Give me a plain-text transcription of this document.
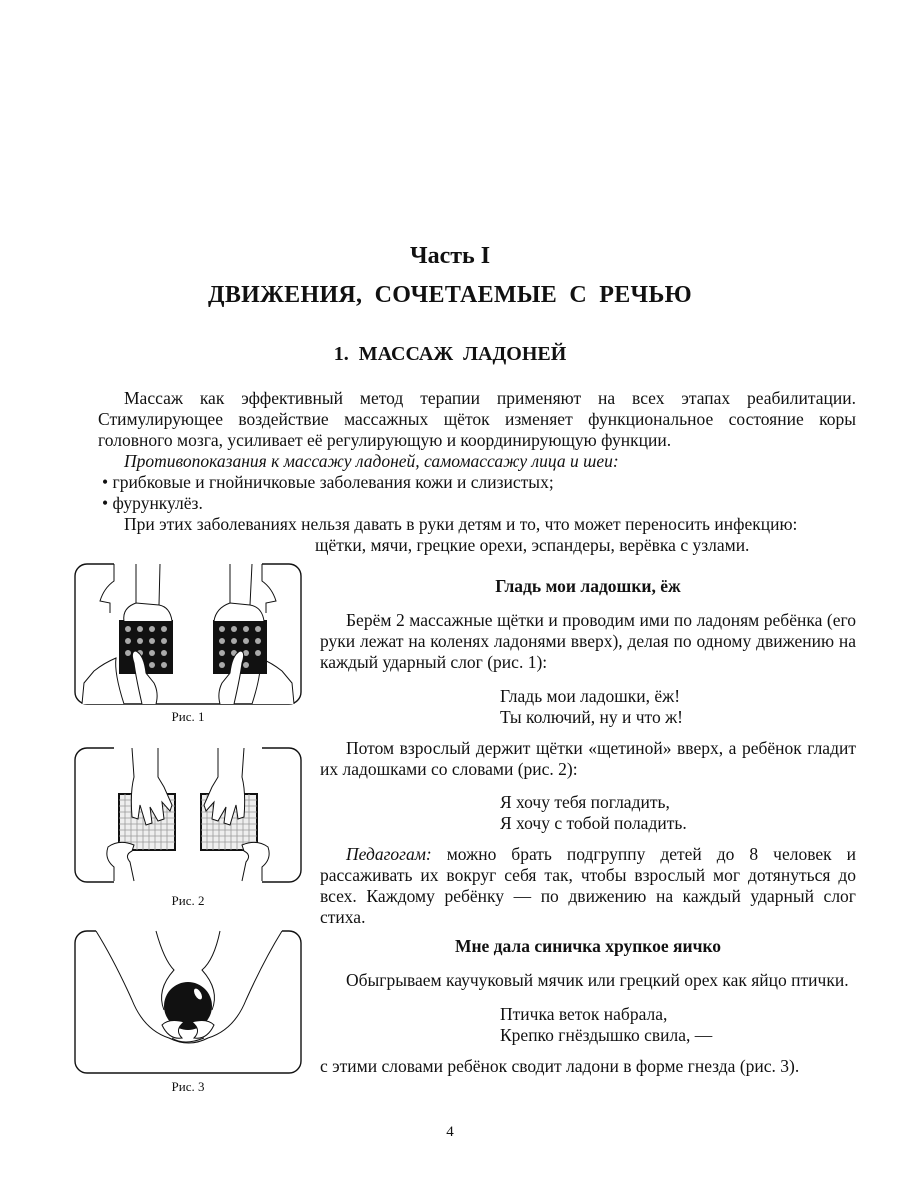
Часть I
ДВИЖЕНИЯ, СОЧЕТАЕМЫЕ С РЕЧЬЮ
1. МАССАЖ ЛАДОНЕЙ

Массаж как эффективный метод терапии применяют на всех этапах реабилитации. Стимулирующее воздействие массажных щёток изменяет функциональное состояние коры головного мозга, усиливает её регулирующую и координирующую функции.

Противопоказания к массажу ладоней, самомассажу лица и шеи:

• грибковые и гнойничковые заболевания кожи и слизистых;

• фурункулёз.

При этих заболеваниях нельзя давать в руки детям и то, что может переносить инфекцию:

щётки, мячи, грецкие орехи, эспандеры, верёвка с узлами.
Рис. 1
Рис. 2
Рис. 3
Гладь мои ладошки, ёж

Берём 2 массажные щётки и проводим ими по ладоням ребёнка (его руки лежат на коленях ладонями вверх), делая по одному движению на каждый ударный слог (рис. 1):

Гладь мои ладошки, ёж!
Ты колючий, ну и что ж!

Потом взрослый держит щётки «щетиной» вверх, а ребёнок гладит их ладошками со словами (рис. 2):

Я хочу тебя погладить,
Я хочу с тобой поладить.

Педагогам: можно брать подгруппу детей до 8 человек и рассаживать их вокруг себя так, чтобы взрослый мог дотянуться до всех. Каждому ребёнку — по движению на каждый ударный слог стиха.

Мне дала синичка хрупкое яичко

Обыгрываем каучуковый мячик или грецкий орех как яйцо птички.

Птичка веток набрала,
Крепко гнёздышко свила, —

с этими словами ребёнок сводит ладони в форме гнезда (рис. 3).

4
